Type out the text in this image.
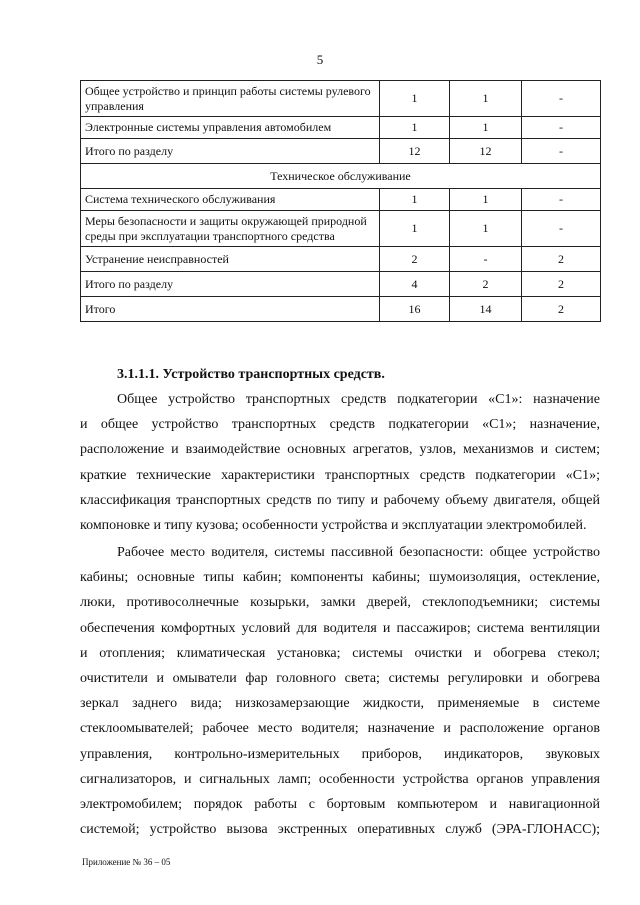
5
Общее устройство и принцип работы системы рулевого управления	1	1	-
Электронные системы управления автомобилем	1	1	-
Итого по разделу	12	12	-
Техническое обслуживание			
Система технического обслуживания	1	1	-
Меры безопасности и защиты окружающей природной среды при эксплуатации транспортного средства	1	1	-
Устранение неисправностей	2	-	2
Итого по разделу	4	2	2
Итого	16	14	2
3.1.1.1. Устройство транспортных средств.
Общее устройство транспортных средств подкатегории «C1»: назначение
и общее устройство транспортных средств подкатегории «C1»; назначение,
расположение и взаимодействие основных агрегатов, узлов, механизмов и систем;
краткие технические характеристики транспортных средств подкатегории «C1»;
классификация транспортных средств по типу и рабочему объему двигателя, общей
компоновке и типу кузова; особенности устройства и эксплуатации электромобилей.
Рабочее место водителя, системы пассивной безопасности: общее устройство
кабины; основные типы кабин; компоненты кабины; шумоизоляция, остекление,
люки, противосолнечные козырьки, замки дверей, стеклоподъемники; системы
обеспечения комфортных условий для водителя и пассажиров; система вентиляции
и отопления; климатическая установка; системы очистки и обогрева стекол;
очистители и омыватели фар головного света; системы регулировки и обогрева
зеркал заднего вида; низкозамерзающие жидкости, применяемые в системе
стеклоомывателей; рабочее место водителя; назначение и расположение органов
управления, контрольно-измерительных приборов, индикаторов, звуковых
сигнализаторов, и сигнальных ламп; особенности устройства органов управления
электромобилем; порядок работы с бортовым компьютером и навигационной
системой; устройство вызова экстренных оперативных служб (ЭРА-ГЛОНАСС);
Приложение № 36 – 05
